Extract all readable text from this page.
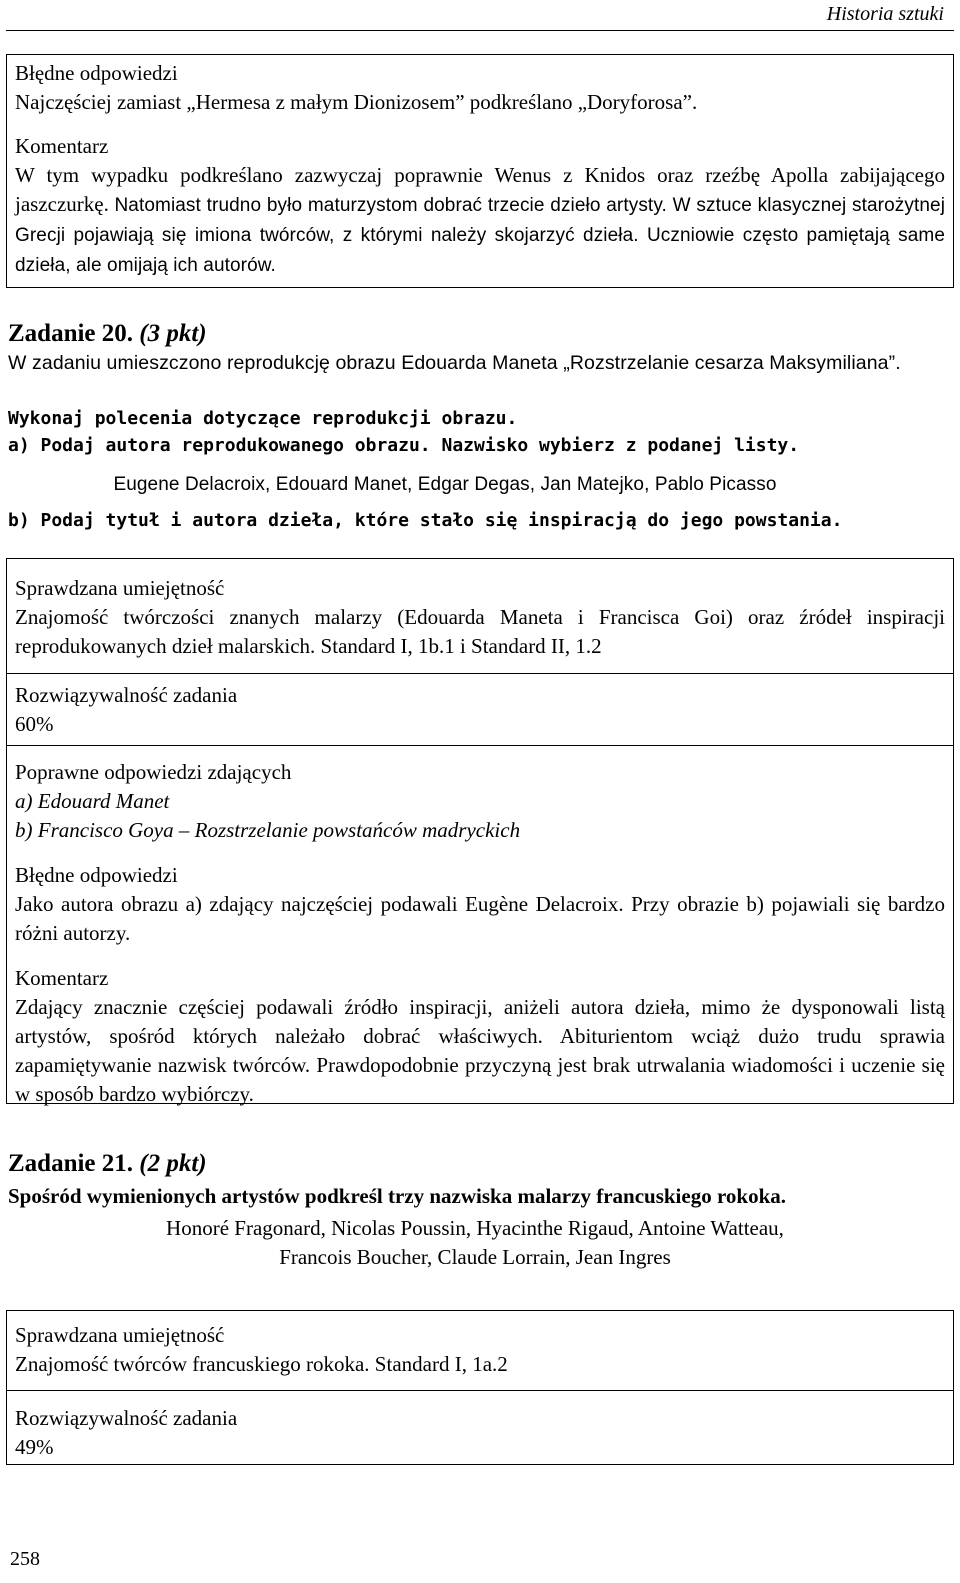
Historia sztuki

Błędne odpowiedzi

Najczęściej zamiast „Hermesa z małym Dionizosem” podkreślano „Doryforosa”.

Komentarz

W tym wypadku podkreślano zazwyczaj poprawnie Wenus z Knidos oraz rzeźbę Apolla zabijającego jaszczurkę. Natomiast trudno było maturzystom dobrać trzecie dzieło artysty. W sztuce klasycznej starożytnej Grecji pojawiają się imiona twórców, z którymi należy skojarzyć dzieła. Uczniowie często pamiętają same dzieła, ale omijają ich autorów.

Zadanie 20. (3 pkt)
W zadaniu umieszczono reprodukcję obrazu Edouarda Maneta „Rozstrzelanie cesarza Maksymiliana”.
Wykonaj polecenia dotyczące reprodukcji obrazu.
a) Podaj autora reprodukowanego obrazu. Nazwisko wybierz z podanej listy.
Eugene Delacroix, Edouard Manet, Edgar Degas, Jan Matejko, Pablo Picasso
b) Podaj tytuł i autora dzieła, które stało się inspiracją do jego powstania.

Sprawdzana umiejętność

Znajomość twórczości znanych malarzy (Edouarda Maneta i Francisca Goi) oraz źródeł inspiracji reprodukowanych dzieł malarskich. Standard I, 1b.1 i Standard II, 1.2

Rozwiązywalność zadania

60%

Poprawne odpowiedzi zdających

a) Edouard Manet

b) Francisco Goya – Rozstrzelanie powstańców madryckich

Błędne odpowiedzi

Jako autora obrazu a) zdający najczęściej podawali Eugène Delacroix. Przy obrazie b) pojawiali się bardzo różni autorzy.

Komentarz

Zdający znacznie częściej podawali źródło inspiracji, aniżeli autora dzieła, mimo że dysponowali listą artystów, spośród których należało dobrać właściwych. Abiturientom wciąż dużo trudu sprawia zapamiętywanie nazwisk twórców. Prawdopodobnie przyczyną jest brak utrwalania wiadomości i uczenie się w sposób bardzo wybiórczy.

Zadanie 21. (2 pkt)
Spośród wymienionych artystów podkreśl trzy nazwiska malarzy francuskiego rokoka.
Honoré Fragonard, Nicolas Poussin, Hyacinthe Rigaud, Antoine Watteau,
Francois Boucher, Claude Lorrain, Jean Ingres

Sprawdzana umiejętność

Znajomość twórców francuskiego rokoka. Standard I, 1a.2

Rozwiązywalność zadania

49%

258
